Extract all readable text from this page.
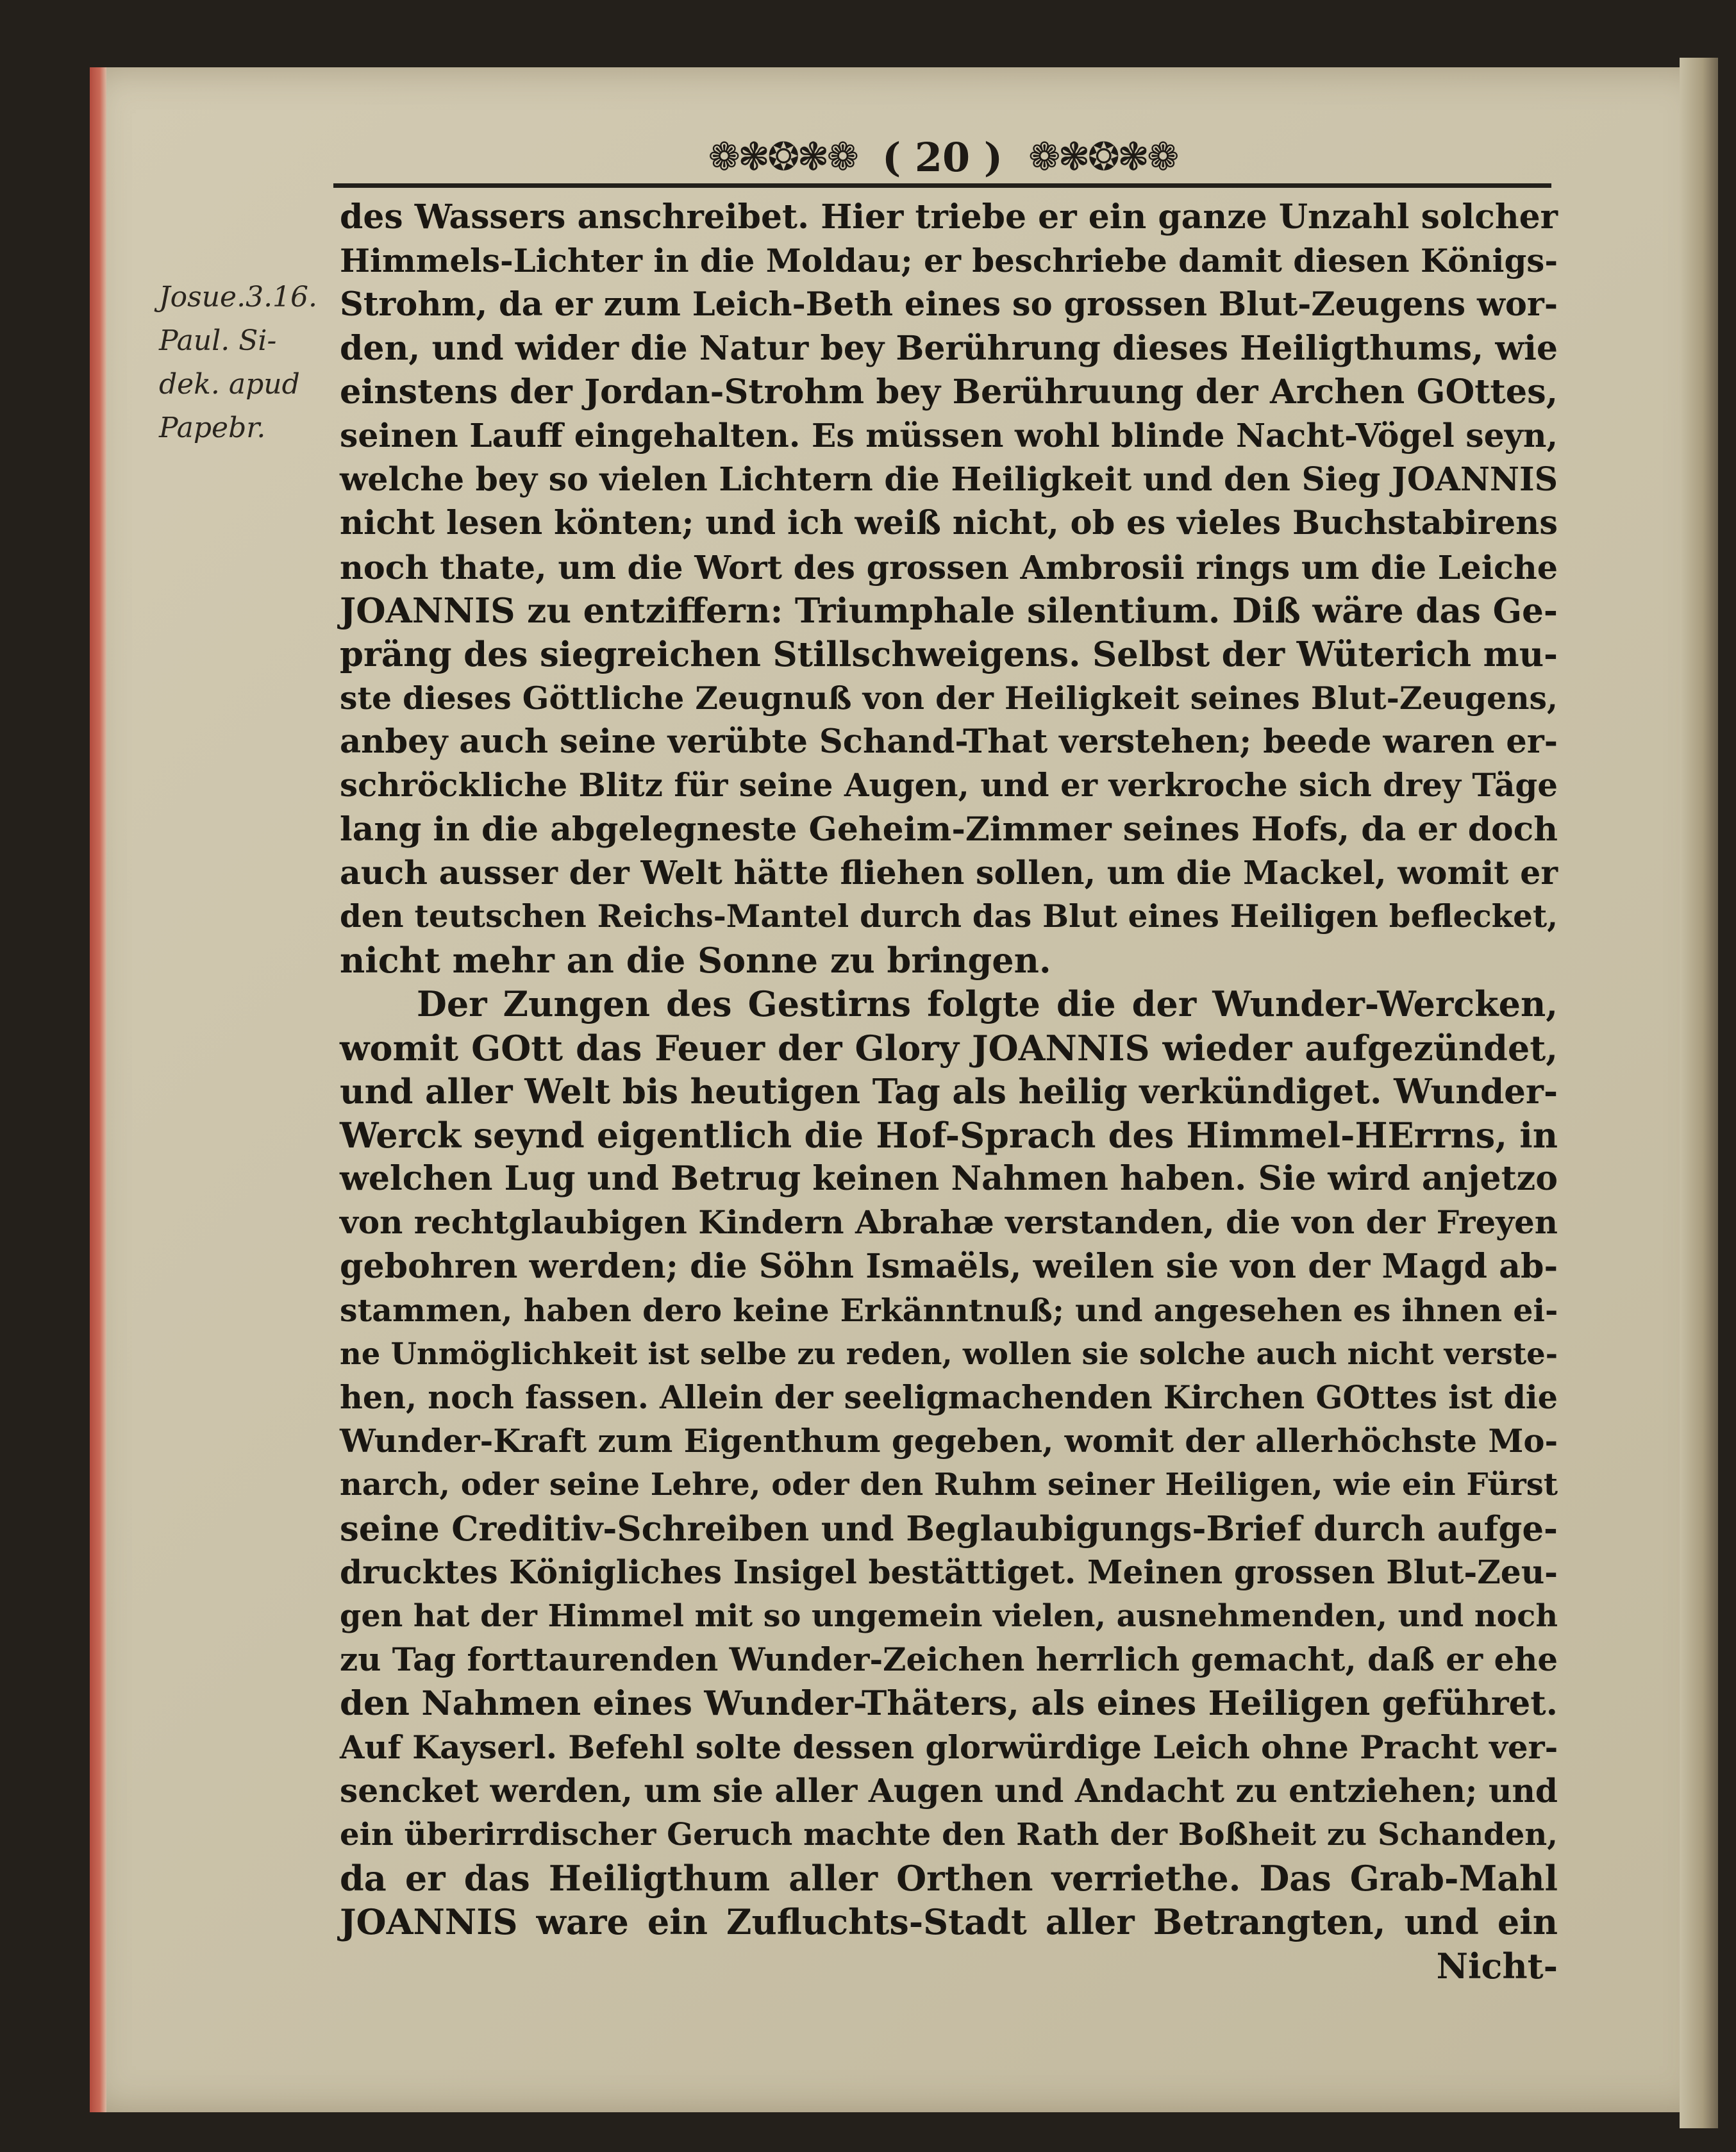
❁❃❂❃❁ ( 20 ) ❁❃❂❃❁
Josue.3.16.
Paul. Si-
dek. apud
Papebr.
des Wassers anschreibet. Hier triebe er ein ganze Unzahl solcher
Himmels-Lichter in die Moldau; er beschriebe damit diesen Königs-
Strohm, da er zum Leich-Beth eines so grossen Blut-Zeugens wor-
den, und wider die Natur bey Berührung dieses Heiligthums, wie
einstens der Jordan-Strohm bey Berühruung der Archen GOttes,
seinen Lauff eingehalten. Es müssen wohl blinde Nacht-Vögel seyn,
welche bey so vielen Lichtern die Heiligkeit und den Sieg JOANNIS
nicht lesen könten; und ich weiß nicht, ob es vieles Buchstabirens
noch thate, um die Wort des grossen Ambrosii rings um die Leiche
JOANNIS zu entziffern: Triumphale silentium. Diß wäre das Ge-
präng des siegreichen Stillschweigens. Selbst der Wüterich mu-
ste dieses Göttliche Zeugnuß von der Heiligkeit seines Blut-Zeugens,
anbey auch seine verübte Schand-That verstehen; beede waren er-
schröckliche Blitz für seine Augen, und er verkroche sich drey Täge
lang in die abgelegneste Geheim-Zimmer seines Hofs, da er doch
auch ausser der Welt hätte fliehen sollen, um die Mackel, womit er
den teutschen Reichs-Mantel durch das Blut eines Heiligen beflecket,
nicht mehr an die Sonne zu bringen.
Der Zungen des Gestirns folgte die der Wunder-Wercken,
womit GOtt das Feuer der Glory JOANNIS wieder aufgezündet,
und aller Welt bis heutigen Tag als heilig verkündiget. Wunder-
Werck seynd eigentlich die Hof-Sprach des Himmel-HErrns, in
welchen Lug und Betrug keinen Nahmen haben. Sie wird anjetzo
von rechtglaubigen Kindern Abrahæ verstanden, die von der Freyen
gebohren werden; die Söhn Ismaëls, weilen sie von der Magd ab-
stammen, haben dero keine Erkänntnuß; und angesehen es ihnen ei-
ne Unmöglichkeit ist selbe zu reden, wollen sie solche auch nicht verste-
hen, noch fassen. Allein der seeligmachenden Kirchen GOttes ist die
Wunder-Kraft zum Eigenthum gegeben, womit der allerhöchste Mo-
narch, oder seine Lehre, oder den Ruhm seiner Heiligen, wie ein Fürst
seine Creditiv-Schreiben und Beglaubigungs-Brief durch aufge-
drucktes Königliches Insigel bestättiget. Meinen grossen Blut-Zeu-
gen hat der Himmel mit so ungemein vielen, ausnehmenden, und noch
zu Tag forttaurenden Wunder-Zeichen herrlich gemacht, daß er ehe
den Nahmen eines Wunder-Thäters, als eines Heiligen geführet.
Auf Kayserl. Befehl solte dessen glorwürdige Leich ohne Pracht ver-
sencket werden, um sie aller Augen und Andacht zu entziehen; und
ein überirrdischer Geruch machte den Rath der Boßheit zu Schanden,
da er das Heiligthum aller Orthen verriethe. Das Grab-Mahl
JOANNIS ware ein Zufluchts-Stadt aller Betrangten, und ein
Nicht-
